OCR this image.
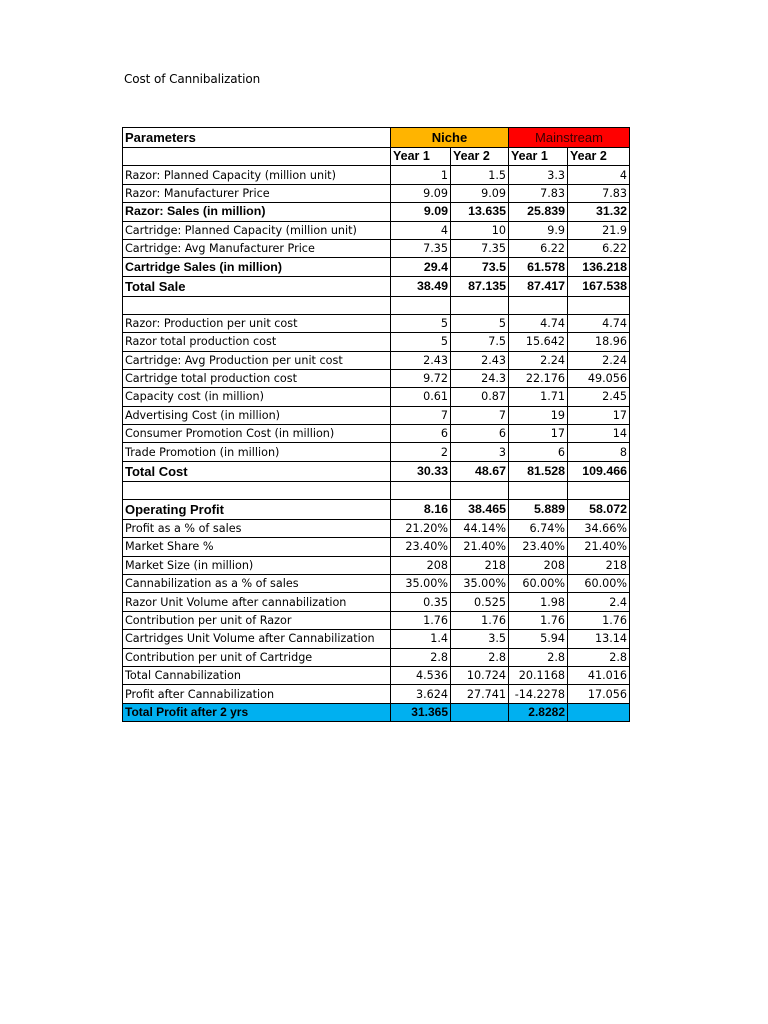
Cost of Cannibalization
Parameters	Niche		Mainstream	
	Year 1	Year 2	Year 1	Year 2
Razor: Planned Capacity (million unit)	1	1.5	3.3	4
Razor: Manufacturer Price	9.09	9.09	7.83	7.83
Razor: Sales (in million)	9.09	13.635	25.839	31.32
Cartridge: Planned Capacity (million unit)	4	10	9.9	21.9
Cartridge: Avg Manufacturer Price	7.35	7.35	6.22	6.22
Cartridge Sales (in million)	29.4	73.5	61.578	136.218
Total Sale	38.49	87.135	87.417	167.538

Razor: Production per unit cost	5	5	4.74	4.74
Razor total production cost	5	7.5	15.642	18.96
Cartridge: Avg Production per unit cost	2.43	2.43	2.24	2.24
Cartridge total production cost	9.72	24.3	22.176	49.056
Capacity cost (in million)	0.61	0.87	1.71	2.45
Advertising Cost (in million)	7	7	19	17
Consumer Promotion Cost (in million)	6	6	17	14
Trade Promotion (in million)	2	3	6	8
Total Cost	30.33	48.67	81.528	109.466

Operating Profit	8.16	38.465	5.889	58.072
Profit as a % of sales	21.20%	44.14%	6.74%	34.66%
Market Share %	23.40%	21.40%	23.40%	21.40%
Market Size (in million)	208	218	208	218
Cannabilization as a % of sales	35.00%	35.00%	60.00%	60.00%
Razor Unit Volume after cannabilization	0.35	0.525	1.98	2.4
Contribution per unit of Razor	1.76	1.76	1.76	1.76
Cartridges Unit Volume after Cannabilization	1.4	3.5	5.94	13.14
Contribution per unit of Cartridge	2.8	2.8	2.8	2.8
Total Cannabilization	4.536	10.724	20.1168	41.016
Profit after Cannabilization	3.624	27.741	-14.2278	17.056
Total Profit after 2 yrs	31.365		2.8282	
